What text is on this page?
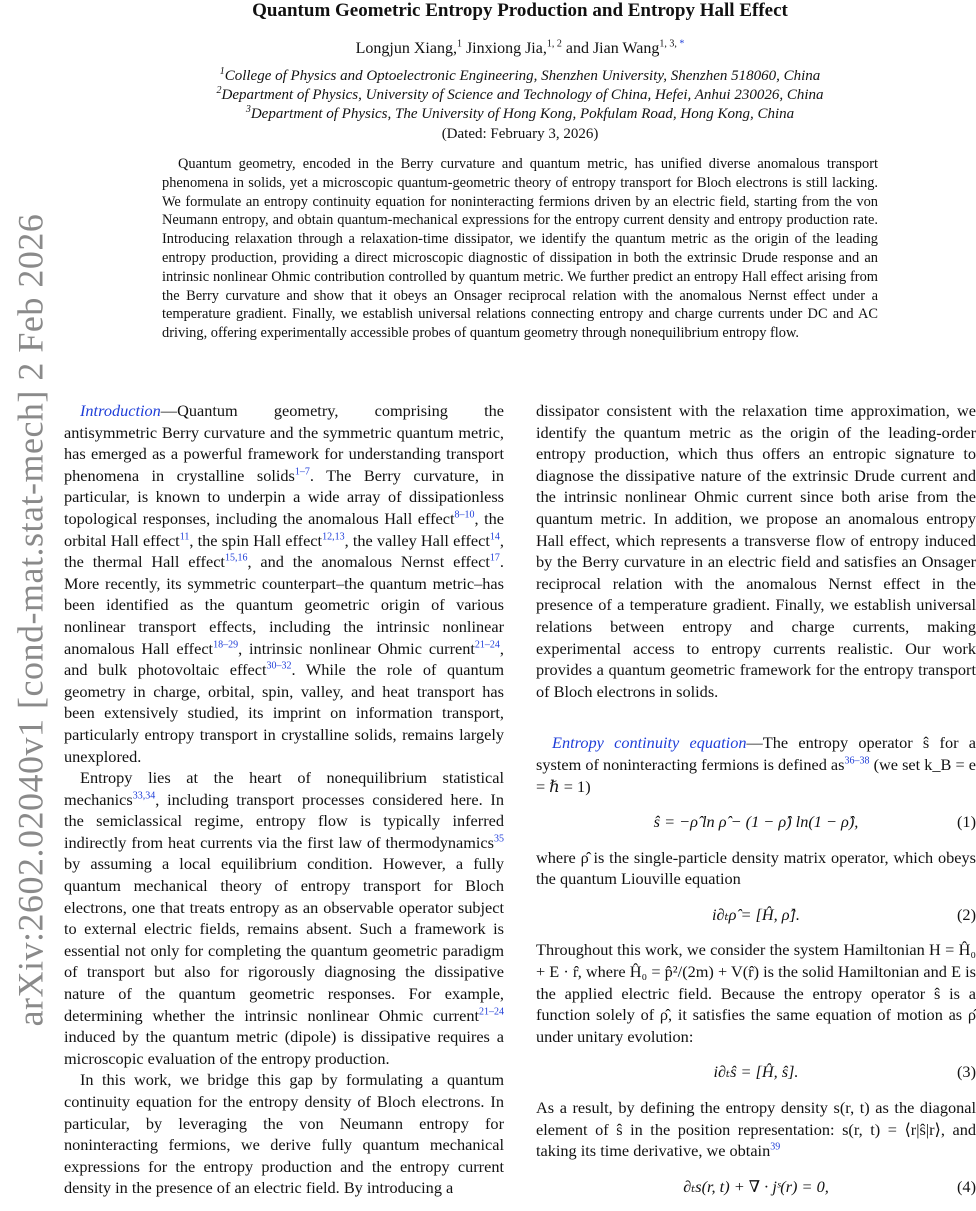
arXiv:2602.02040v1 [cond-mat.stat-mech] 2 Feb 2026
Quantum Geometric Entropy Production and Entropy Hall Effect
Longjun Xiang,$^1$ Jinxiong Jia,$^{1, 2}$ and Jian Wang$^{1, 3, *}$
$^1$College of Physics and Optoelectronic Engineering, Shenzhen University, Shenzhen 518060, China
$^2$Department of Physics, University of Science and Technology of China, Hefei, Anhui 230026, China
$^3$Department of Physics, The University of Hong Kong, Pokfulam Road, Hong Kong, China
(Dated: February 3, 2026)
Quantum geometry, encoded in the Berry curvature and quantum metric, has unified diverse anomalous transport phenomena in solids, yet a microscopic quantum-geometric theory of entropy transport for Bloch electrons is still lacking. We formulate an entropy continuity equation for noninteracting fermions driven by an electric field, starting from the von Neumann entropy, and obtain quantum-mechanical expressions for the entropy current density and entropy production rate. Introducing relaxation through a relaxation-time dissipator, we identify the quantum metric as the origin of the leading entropy production, providing a direct microscopic diagnostic of dissipation in both the extrinsic Drude response and an intrinsic nonlinear Ohmic contribution controlled by quantum metric. We further predict an entropy Hall effect arising from the Berry curvature and show that it obeys an Onsager reciprocal relation with the anomalous Nernst effect under a temperature gradient. Finally, we establish universal relations connecting entropy and charge currents under DC and AC driving, offering experimentally accessible probes of quantum geometry through nonequilibrium entropy flow.

Introduction—Quantum geometry, comprising the antisymmetric Berry curvature and the symmetric quantum metric, has emerged as a powerful framework for understanding transport phenomena in crystalline solids$^{1-7}$. The Berry curvature, in particular, is known to underpin a wide array of dissipationless topological responses, including the anomalous Hall effect$^{8-10}$, the orbital Hall effect$^{11}$, the spin Hall effect$^{12,13}$, the valley Hall effect$^{14}$, the thermal Hall effect$^{15,16}$, and the anomalous Nernst effect$^{17}$. More recently, its symmetric counterpart–the quantum metric–has been identified as the quantum geometric origin of various nonlinear transport effects, including the intrinsic nonlinear anomalous Hall effect$^{18-29}$, intrinsic nonlinear Ohmic current$^{21-24}$, and bulk photovoltaic effect$^{30-32}$. While the role of quantum geometry in charge, orbital, spin, valley, and heat transport has been extensively studied, its imprint on information transport, particularly entropy transport in crystalline solids, remains largely unexplored.

Entropy lies at the heart of nonequilibrium statistical mechanics$^{33,34}$, including transport processes considered here. In the semiclassical regime, entropy flow is typically inferred indirectly from heat currents via the first law of thermodynamics$^{35}$ by assuming a local equilibrium condition. However, a fully quantum mechanical theory of entropy transport for Bloch electrons, one that treats entropy as an observable operator subject to external electric fields, remains absent. Such a framework is essential not only for completing the quantum geometric paradigm of transport but also for rigorously diagnosing the dissipative nature of the quantum geometric responses. For example, determining whether the intrinsic nonlinear Ohmic current$^{21-24}$ induced by the quantum metric (dipole) is dissipative requires a microscopic evaluation of the entropy production.

In this work, we bridge this gap by formulating a quantum continuity equation for the entropy density of Bloch electrons. In particular, by leveraging the von Neumann entropy for noninteracting fermions, we derive fully quantum mechanical expressions for the entropy production and the entropy current density in the presence of an electric field. By introducing a

dissipator consistent with the relaxation time approximation, we identify the quantum metric as the origin of the leading-order entropy production, which thus offers an entropic signature to diagnose the dissipative nature of the extrinsic Drude current and the intrinsic nonlinear Ohmic current since both arise from the quantum metric. In addition, we propose an anomalous entropy Hall effect, which represents a transverse flow of entropy induced by the Berry curvature in an electric field and satisfies an Onsager reciprocal relation with the anomalous Nernst effect in the presence of a temperature gradient. Finally, we establish universal relations between entropy and charge currents, making experimental access to entropy currents realistic. Our work provides a quantum geometric framework for the entropy transport of Bloch electrons in solids.

Entropy continuity equation—The entropy operator ŝ for a system of noninteracting fermions is defined $as^{36-38}$ (we set k_B = e = ℏ = 1)

ŝ = −ρ̂ ln ρ̂ − (1 − ρ̂) ln(1 − ρ̂),	(1)

where ρ̂ is the single-particle density matrix operator, which obeys the quantum Liouville equation

i∂ₜρ̂ = [Ĥ, ρ̂].	(2)

Throughout this work, we consider the system Hamiltonian H = Ĥ₀ + E · r̂, where Ĥ₀ = p̂²/(2m) + V(r̂) is the solid Hamiltonian and E is the applied electric field. Because the entropy operator ŝ is a function solely of ρ̂, it satisfies the same equation of motion as ρ̂ under unitary evolution:

i∂ₜŝ = [Ĥ, ŝ].	(3)

As a result, by defining the entropy density s(r, t) as the diagonal element of ŝ in the position representation: s(r, t) = ⟨r|ŝ|r⟩, and taking its time derivative, we obtain$^{39}$

∂ₜs(r, t) + ∇ · jˢ(r) = 0,	(4)
